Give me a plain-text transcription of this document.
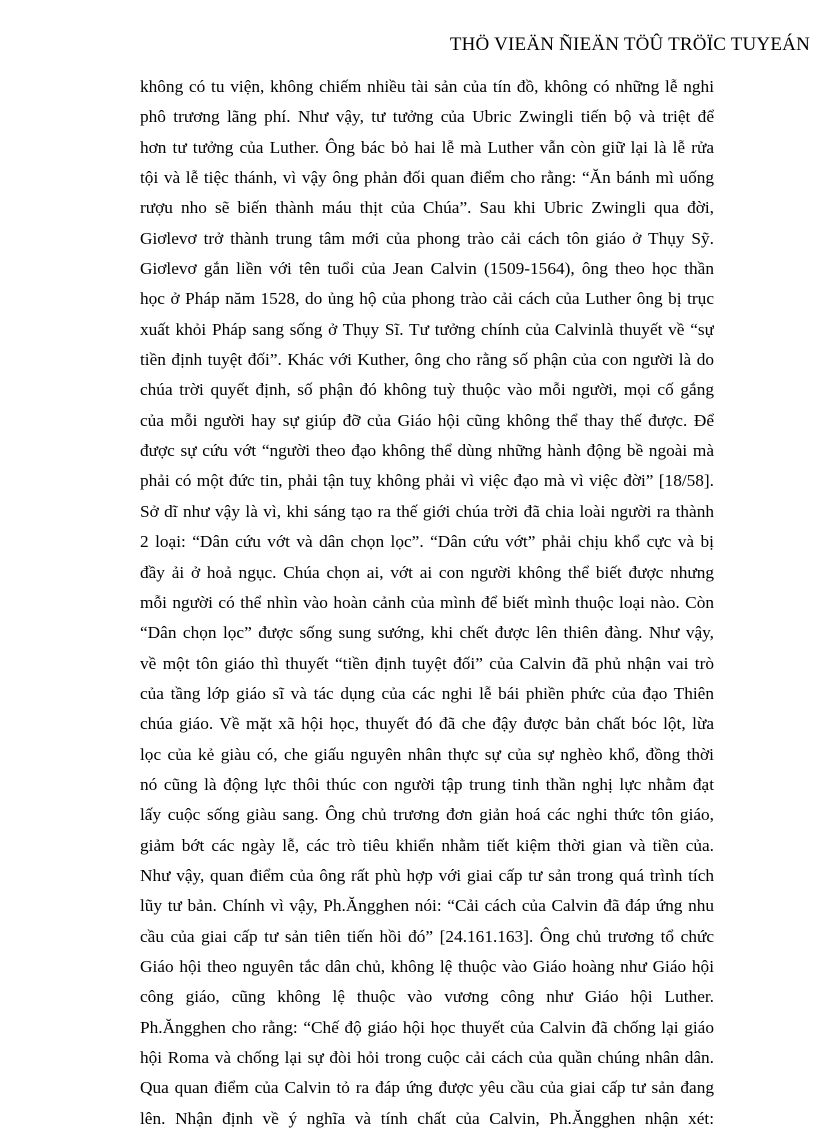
THÖ VIEÄN ÑIEÄN TÖÛ TRÖÏC TUYEÁN
không có tu viện, không chiếm nhiều tài sản của tín đồ, không có những lễ nghi
phô trương lãng phí. Như vậy, tư tưởng của Ubric Zwingli tiến bộ và triệt để
hơn tư tưởng của Luther. Ông bác bỏ hai lễ mà Luther vẫn còn giữ lại là lễ rửa
tội và lễ tiệc thánh, vì vậy ông phản đối quan điểm cho rằng: “Ăn bánh mì uống
rượu nho sẽ biến thành máu thịt của Chúa”. Sau khi Ubric Zwingli qua đời,
Giơlevơ trở thành trung tâm mới của phong trào cải cách tôn giáo ở Thụy Sỹ.
Giơlevơ gắn liền với tên tuổi của Jean Calvin (1509-1564), ông theo học thần
học ở Pháp năm 1528, do ủng hộ của phong trào cải cách của Luther ông bị trục
xuất khỏi Pháp sang sống ở Thụy Sĩ. Tư tưởng chính của Calvinlà thuyết về “sự
tiền định tuyệt đối”. Khác với Kuther, ông cho rằng số phận của con người là do
chúa trời quyết định, số phận đó không tuỳ thuộc vào mỗi người, mọi cố gắng
của mỗi người hay sự giúp đỡ của Giáo hội cũng không thể thay thế được. Để
được sự cứu vớt “người theo đạo không thể dùng những hành động bề ngoài mà
phải có một đức tin, phải tận tuỵ không phải vì việc đạo mà vì việc đời” [18/58].
Sở dĩ như vậy là vì, khi sáng tạo ra thế giới chúa trời đã chia loài người ra thành
2 loại: “Dân cứu vớt và dân chọn lọc”. “Dân cứu vớt” phải chịu khổ cực và bị
đầy ải ở hoả ngục. Chúa chọn ai, vớt ai con người không thể biết được nhưng
mỗi người có thể nhìn vào hoàn cảnh của mình để biết mình thuộc loại nào. Còn
“Dân chọn lọc” được sống sung sướng, khi chết được lên thiên đàng. Như vậy,
về một tôn giáo thì thuyết “tiền định tuyệt đối” của Calvin đã phủ nhận vai trò
của tầng lớp giáo sĩ và tác dụng của các nghi lễ bái phiền phức của đạo Thiên
chúa giáo. Về mặt xã hội học, thuyết đó đã che đậy được bản chất bóc lột, lừa
lọc của kẻ giàu có, che giấu nguyên nhân thực sự của sự nghèo khổ, đồng thời
nó cũng là động lực thôi thúc con người tập trung tinh thần nghị lực nhằm đạt
lấy cuộc sống giàu sang. Ông chủ trương đơn giản hoá các nghi thức tôn giáo,
giảm bớt các ngày lễ, các trò tiêu khiển nhằm tiết kiệm thời gian và tiền của.
Như vậy, quan điểm của ông rất phù hợp với giai cấp tư sản trong quá trình tích
lũy tư bản. Chính vì vậy, Ph.Ăngghen nói: “Cải cách của Calvin đã đáp ứng nhu
cầu của giai cấp tư sản tiên tiến hồi đó” [24.161.163]. Ông chủ trương tổ chức
Giáo hội theo nguyên tắc dân chủ, không lệ thuộc vào Giáo hoàng như Giáo hội
công giáo, cũng không lệ thuộc vào vương công như Giáo hội Luther.
Ph.Ăngghen cho rằng: “Chế độ giáo hội học thuyết của Calvin đã chống lại giáo
hội Roma và chống lại sự đòi hỏi trong cuộc cải cách của quần chúng nhân dân.
Qua quan điểm của Calvin tỏ ra đáp ứng được yêu cầu của giai cấp tư sản đang
lên. Nhận định về ý nghĩa và tính chất của Calvin, Ph.Ăngghen nhận xét:
